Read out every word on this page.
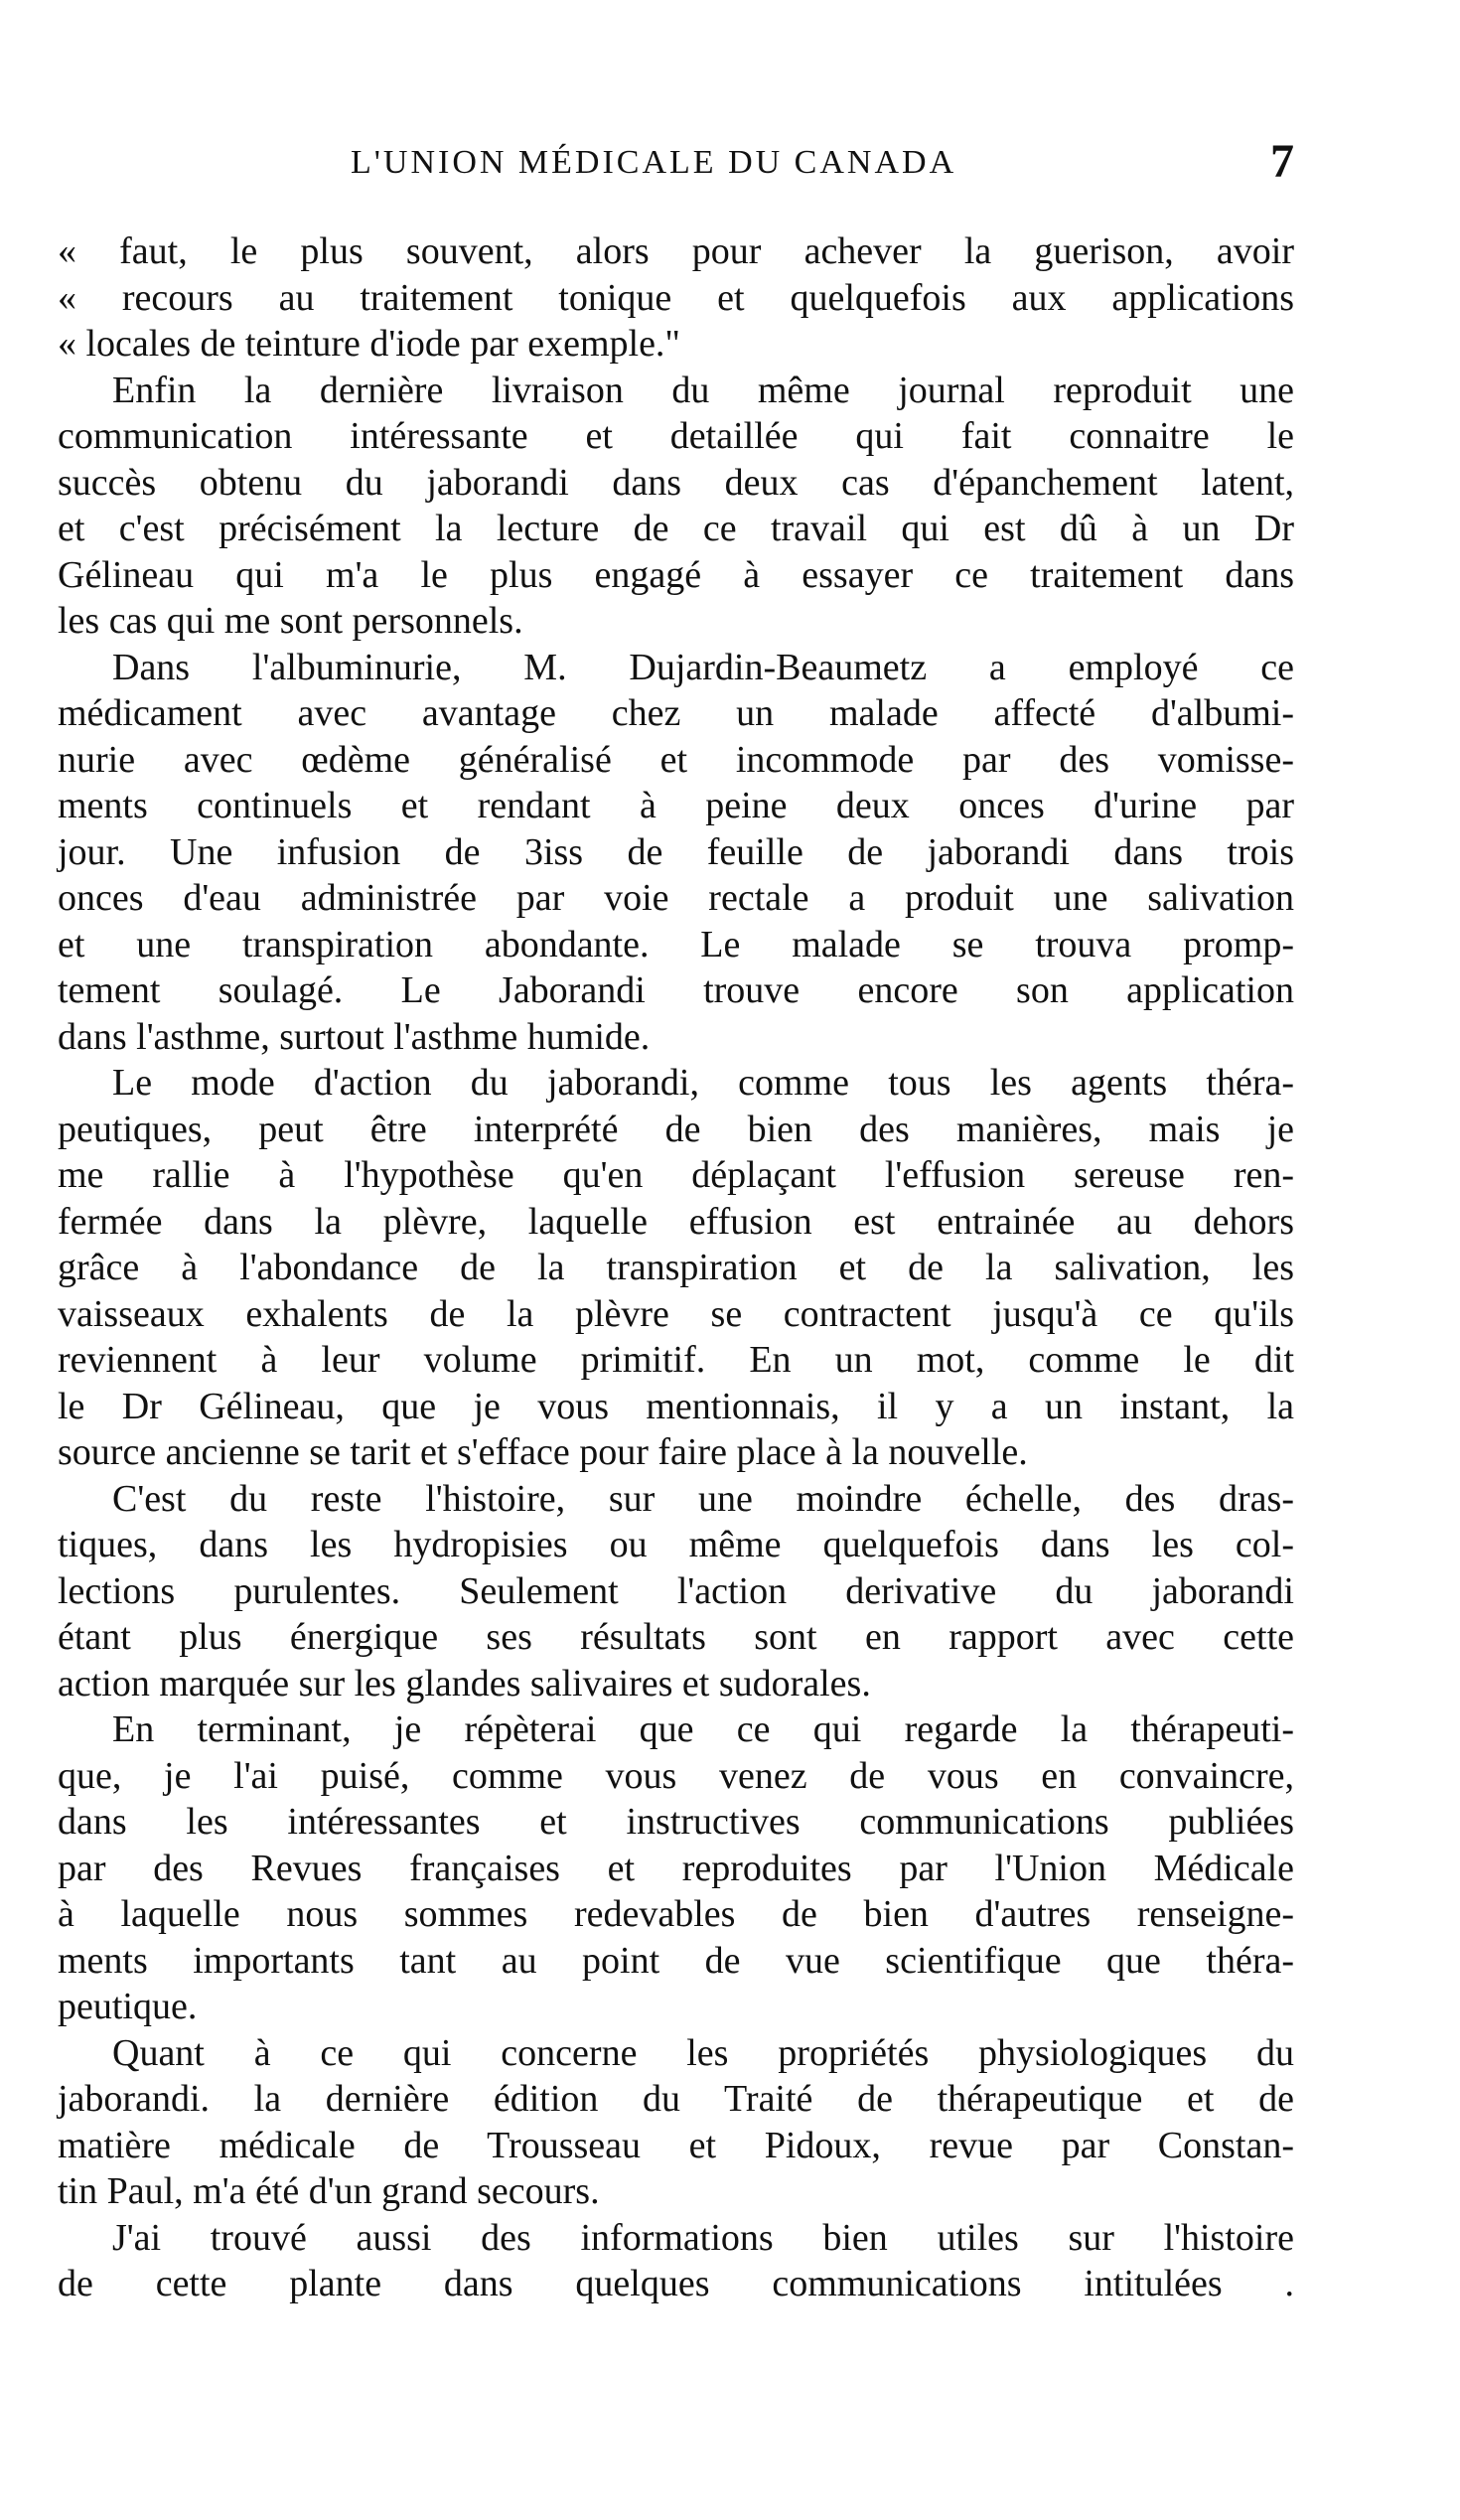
L'UNION MÉDICALE DU CANADA	7
« faut, le plus souvent, alors pour achever la guerison, avoir
« recours au traitement tonique et quelquefois aux applications
« locales de teinture d'iode par exemple."
Enfin la dernière livraison du même journal reproduit une
communication intéressante et detaillée qui fait connaitre le
succès obtenu du jaborandi dans deux cas d'épanchement latent,
et c'est précisément la lecture de ce travail qui est dû à un Dr
Gélineau qui m'a le plus engagé à essayer ce traitement dans
les cas qui me sont personnels.
Dans l'albuminurie, M. Dujardin-Beaumetz a employé ce
médicament avec avantage chez un malade affecté d'albumi-
nurie avec œdème généralisé et incommode par des vomisse-
ments continuels et rendant à peine deux onces d'urine par
jour. Une infusion de 3iss de feuille de jaborandi dans trois
onces d'eau administrée par voie rectale a produit une salivation
et une transpiration abondante. Le malade se trouva promp-
tement soulagé. Le Jaborandi trouve encore son application
dans l'asthme, surtout l'asthme humide.
Le mode d'action du jaborandi, comme tous les agents théra-
peutiques, peut être interprété de bien des manières, mais je
me rallie à l'hypothèse qu'en déplaçant l'effusion sereuse ren-
fermée dans la plèvre, laquelle effusion est entrainée au dehors
grâce à l'abondance de la transpiration et de la salivation, les
vaisseaux exhalents de la plèvre se contractent jusqu'à ce qu'ils
reviennent à leur volume primitif. En un mot, comme le dit
le Dr Gélineau, que je vous mentionnais, il y a un instant, la
source ancienne se tarit et s'efface pour faire place à la nouvelle.
C'est du reste l'histoire, sur une moindre échelle, des dras-
tiques, dans les hydropisies ou même quelquefois dans les col-
lections purulentes. Seulement l'action derivative du jaborandi
étant plus énergique ses résultats sont en rapport avec cette
action marquée sur les glandes salivaires et sudorales.
En terminant, je répèterai que ce qui regarde la thérapeuti-
que, je l'ai puisé, comme vous venez de vous en convaincre,
dans les intéressantes et instructives communications publiées
par des Revues françaises et reproduites par l'Union Médicale
à laquelle nous sommes redevables de bien d'autres renseigne-
ments importants tant au point de vue scientifique que théra-
peutique.
Quant à ce qui concerne les propriétés physiologiques du
jaborandi. la dernière édition du Traité de thérapeutique et de
matière médicale de Trousseau et Pidoux, revue par Constan-
tin Paul, m'a été d'un grand secours.
J'ai trouvé aussi des informations bien utiles sur l'histoire
de cette plante dans quelques communications intitulées .
